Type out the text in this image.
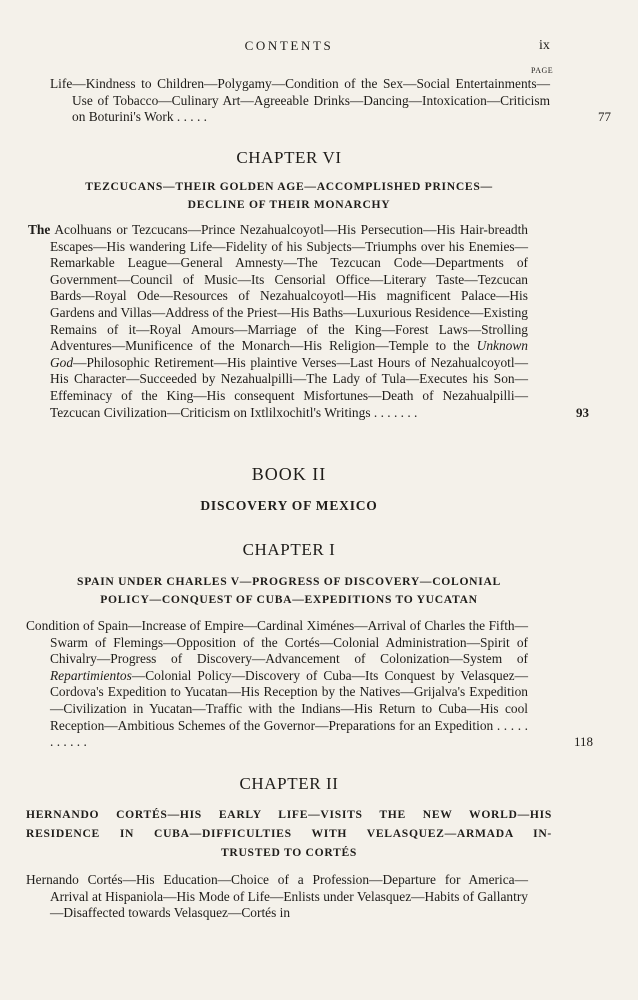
CONTENTS	ix
PAGE
Life—Kindness to Children—Polygamy—Condition of the Sex—Social Entertainments—Use of Tobacco—Culinary Art—Agreeable Drinks—Dancing—Intoxication—Criticism on Boturini's Work . . . . .	77
CHAPTER VI
TEZCUCANS—THEIR GOLDEN AGE—ACCOMPLISHED PRINCES—
DECLINE OF THEIR MONARCHY
The Acolhuans or Tezcucans—Prince Nezahualcoyotl—His Persecution—His Hair-breadth Escapes—His wandering Life—Fidelity of his Subjects—Triumphs over his Enemies—Remarkable League—General Amnesty—The Tezcucan Code—Departments of Government—Council of Music—Its Censorial Office—Literary Taste—Tezcucan Bards—Royal Ode—Resources of Nezahualcoyotl—His magnificent Palace—His Gardens and Villas—Address of the Priest—His Baths—Luxurious Residence—Existing Remains of it—Royal Amours—Marriage of the King—Forest Laws—Strolling Adventures—Munificence of the Monarch—His Religion—Temple to the Unknown God—Philosophic Retirement—His plaintive Verses—Last Hours of Nezahualcoyotl—His Character—Succeeded by Nezahualpilli—The Lady of Tula—Executes his Son—Effeminacy of the King—His consequent Misfortunes—Death of Nezahualpilli—Tezcucan Civilization—Criticism on Ixtlilxochitl's Writings . . . . . . .	93
BOOK II
DISCOVERY OF MEXICO
CHAPTER I
SPAIN UNDER CHARLES V—PROGRESS OF DISCOVERY—COLONIAL
POLICY—CONQUEST OF CUBA—EXPEDITIONS TO YUCATAN
Condition of Spain—Increase of Empire—Cardinal Ximénes—Arrival of Charles the Fifth—Swarm of Flemings—Opposition of the Cortés—Colonial Administration—Spirit of Chivalry—Progress of Discovery—Advancement of Colonization—System of Repartimientos—Colonial Policy—Discovery of Cuba—Its Conquest by Velasquez—Cordova's Expedition to Yucatan—His Reception by the Natives—Grijalva's Expedition—Civilization in Yucatan—Traffic with the Indians—His Return to Cuba—His cool Reception—Ambitious Schemes of the Governor—Preparations for an Expedition . . . . . . . . . . .	118
CHAPTER II
HERNANDO CORTÉS—HIS EARLY LIFE—VISITS THE NEW WORLD—HIS
RESIDENCE IN CUBA—DIFFICULTIES WITH VELASQUEZ—ARMADA IN-
TRUSTED TO CORTÉS
Hernando Cortés—His Education—Choice of a Profession—Departure for America—Arrival at Hispaniola—His Mode of Life—Enlists under Velasquez—Habits of Gallantry—Disaffected towards Velasquez—Cortés in
